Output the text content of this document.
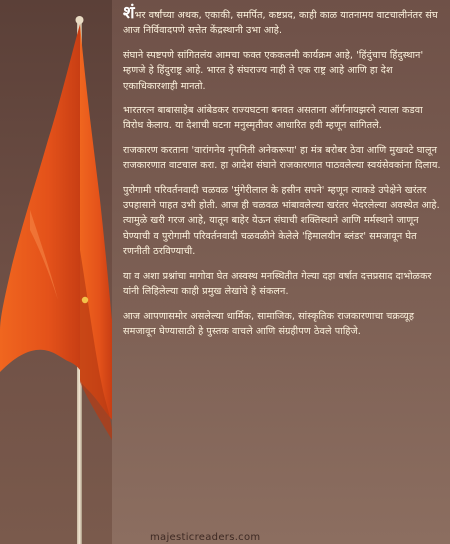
शंभर वर्षांच्या अथक, एकाकी, समर्पित, कष्टप्रद, काही काळ यातनामय वाटचालीनंतर संघ आज निर्विवादपणे सत्तेत केंद्रस्थानी उभा आहे.

संघाने स्पष्टपणे सांगितलंय आमचा फक्त एककलमी कार्यक्रम आहे, 'हिंदुंचाच हिंदुस्थान' म्हणजे हे हिंदुराष्ट्र आहे. भारत हे संघराज्य नाही ते एक राष्ट्र आहे आणि हा देश एकाधिकारशाही मानतो.

भारतरत्न बाबासाहेब आंबेडकर राज्यघटना बनवत असताना ऑर्गनायझरने त्याला कडवा विरोध केलाय. या देशाची घटना मनुस्मृतीवर आधारित हवी म्हणून सांगितले.

राजकारण करताना 'वारांगनेव नृपनिती अनेकरूपा' हा मंत्र बरोबर ठेवा आणि मुखवटे घालून राजकारणात वाटचाल करा. हा आदेश संघाने राजकारणात पाठवलेल्या स्वयंसेवकांना दिलाय.

पुरोगामी परिवर्तनवादी चळवळ 'मुंगेरीलाल के हसीन सपने' म्हणून त्याकडे उपेक्षेने खरंतर उपहासाने पाहत उभी होती. आज ही चळवळ भांबावलेल्या खरंतर भेदरलेल्या अवस्थेत आहे. त्यामुळे खरी गरज आहे, यातून बाहेर येऊन संघाची शक्तिस्थाने आणि मर्मस्थाने जाणून घेण्याची व पुरोगामी परिवर्तनवादी चळवळीने केलेले 'हिमालयीन ब्लंडर' समजावून घेत रणनीती ठरविण्याची.

या व अशा प्रश्नांचा मागोवा घेत अस्वस्थ मनस्थितीत गेल्या दहा वर्षात दत्तप्रसाद दाभोळकर यांनी लिहिलेल्या काही प्रमुख लेखांचे हे संकलन.

आज आपणासमोर असलेल्या धार्मिक, सामाजिक, सांस्कृतिक राजकारणाचा चक्रव्यूह समजावून घेण्यासाठी हे पुस्तक वाचले आणि संग्रहीपण ठेवले पाहिजे.

majesticreaders.com
